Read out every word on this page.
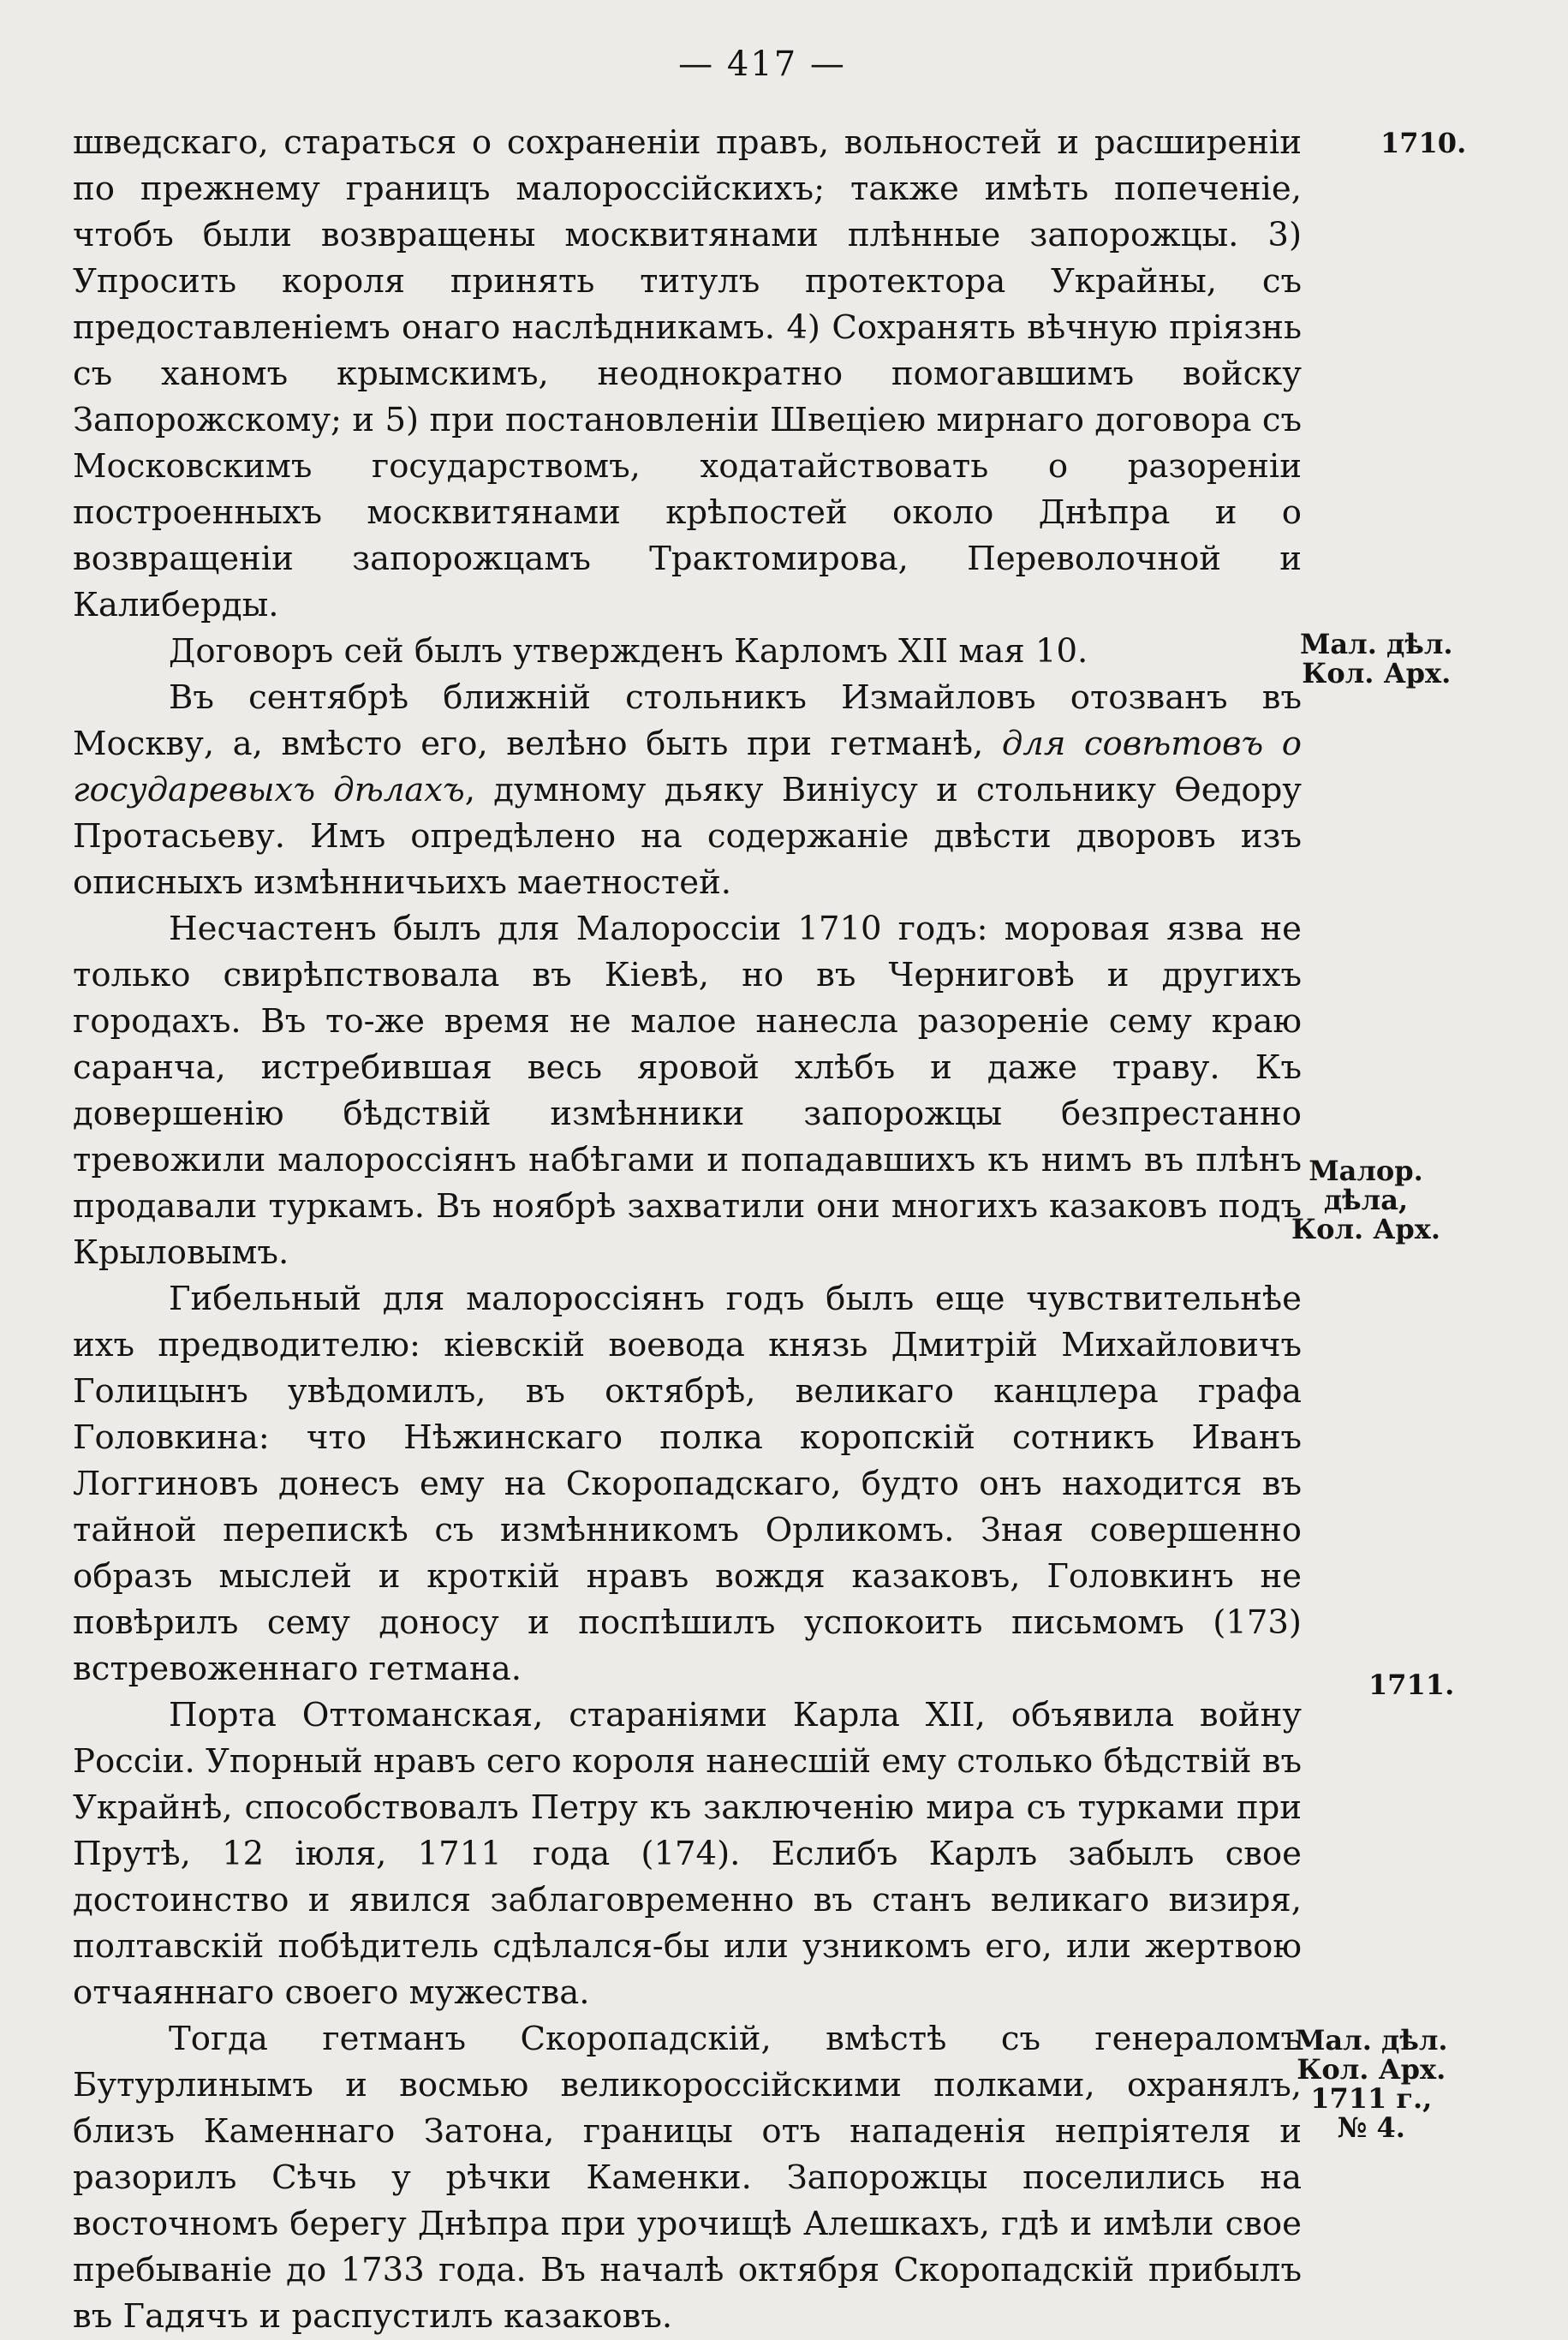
— 417 —

шведскаго, стараться о сохраненіи правъ, вольностей и расширеніи по прежнему границъ малороссійскихъ; также имѣть попеченіе, чтобъ были возвращены москвитянами плѣнные запорожцы. 3) Упросить короля принять титулъ протектора Украйны, съ предоставленіемъ онаго наслѣдникамъ. 4) Сохранять вѣчную пріязнь съ ханомъ крымскимъ, неоднократно помогавшимъ войску Запорожскому; и 5) при постановленіи Швеціею мирнаго договора съ Московскимъ государствомъ, ходатайствовать о разореніи построенныхъ москвитянами крѣпостей около Днѣпра и о возвращеніи запорожцамъ Трактомирова, Переволочной и Калиберды.

Договоръ сей былъ утвержденъ Карломъ XII мая 10.

Въ сентябрѣ ближній стольникъ Измайловъ отозванъ въ Москву, а, вмѣсто его, велѣно быть при гетманѣ, для совѣтовъ о государевыхъ дѣлахъ, думному дьяку Виніусу и стольнику Ѳедору Протасьеву. Имъ опредѣлено на содержаніе двѣсти дворовъ изъ описныхъ измѣнничьихъ маетностей.

Несчастенъ былъ для Малороссіи 1710 годъ: моровая язва не только свирѣпствовала въ Кіевѣ, но въ Черниговѣ и другихъ городахъ. Въ то-же время не малое нанесла разореніе сему краю саранча, истребившая весь яровой хлѣбъ и даже траву. Къ довершенію бѣдствій измѣнники запорожцы безпрестанно тревожили малороссіянъ набѣгами и попадавшихъ къ нимъ въ плѣнъ продавали туркамъ. Въ ноябрѣ захватили они многихъ казаковъ подъ Крыловымъ.

Гибельный для малороссіянъ годъ былъ еще чувствительнѣе ихъ предводителю: кіевскій воевода князь Дмитрій Михайловичъ Голицынъ увѣдомилъ, въ октябрѣ, великаго канцлера графа Головкина: что Нѣжинскаго полка коропскій сотникъ Иванъ Логгиновъ донесъ ему на Скоропадскаго, будто онъ находится въ тайной перепискѣ съ измѣнникомъ Орликомъ. Зная совершенно образъ мыслей и кроткій нравъ вождя казаковъ, Головкинъ не повѣрилъ сему доносу и поспѣшилъ успокоить письмомъ (173) встревоженнаго гетмана.

Порта Оттоманская, стараніями Карла XII, объявила войну Россіи. Упорный нравъ сего короля нанесшій ему столько бѣдствій въ Украйнѣ, способствовалъ Петру къ заключенію мира съ турками при Прутѣ, 12 іюля, 1711 года (174). Еслибъ Карлъ забылъ свое достоинство и явился заблаговременно въ станъ великаго визиря, полтавскій побѣдитель сдѣлался-бы или узникомъ его, или жертвою отчаяннаго своего мужества.

Тогда гетманъ Скоропадскій, вмѣстѣ съ генераломъ Бутурлинымъ и восмью великороссійскими полками, охранялъ, близъ Каменнаго Затона, границы отъ нападенія непріятеля и разорилъ Сѣчь у рѣчки Каменки. Запорожцы поселились на восточномъ берегу Днѣпра при урочищѣ Алешкахъ, гдѣ и имѣли свое пребываніе до 1733 года. Въ началѣ октября Скоропадскій прибылъ въ Гадячъ и распустилъ казаковъ.

1710.
Мал. дѣл.
Кол. Арх.
Малор.
дѣла,
Кол. Арх.
1711.
Мал. дѣл.
Кол. Арх.
1711 г.,
№ 4.
